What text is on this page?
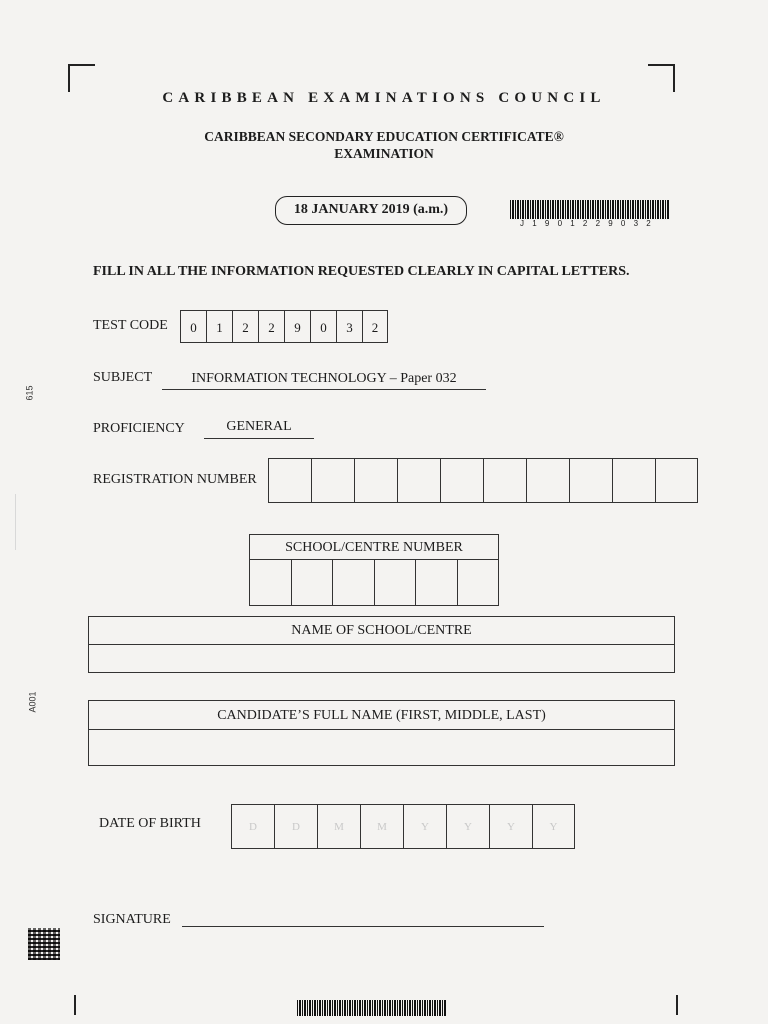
CARIBBEAN EXAMINATIONS COUNCIL
CARIBBEAN SECONDARY EDUCATION CERTIFICATE®
EXAMINATION
18 JANUARY 2019 (a.m.)
J 1 9 0 1 2 2 9 0 3 2
FILL IN ALL THE INFORMATION REQUESTED CLEARLY IN CAPITAL LETTERS.
TEST CODE	0	1	2	2	9	0	3	2
SUBJECT	INFORMATION TECHNOLOGY – Paper 032
PROFICIENCY	GENERAL
REGISTRATION NUMBER
SCHOOL/CENTRE NUMBER
NAME OF SCHOOL/CENTRE
CANDIDATE’S FULL NAME (FIRST, MIDDLE, LAST)
DATE OF BIRTH	D	D	M	M	Y	Y	Y	Y
SIGNATURE
615
A001
